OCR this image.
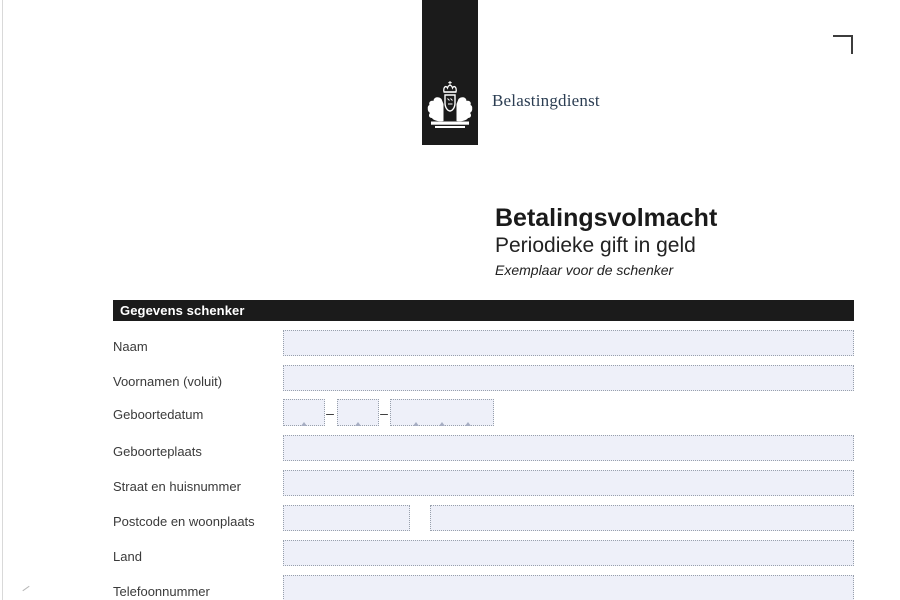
Belastingdienst
Betalingsvolmacht
Periodieke gift in geld
Exemplaar voor de schenker
Gegevens schenker
Naam
Voornamen (voluit)
Geboortedatum	–	–
Geboorteplaats
Straat en huisnummer
Postcode en woonplaats
Land
Telefoonnummer
